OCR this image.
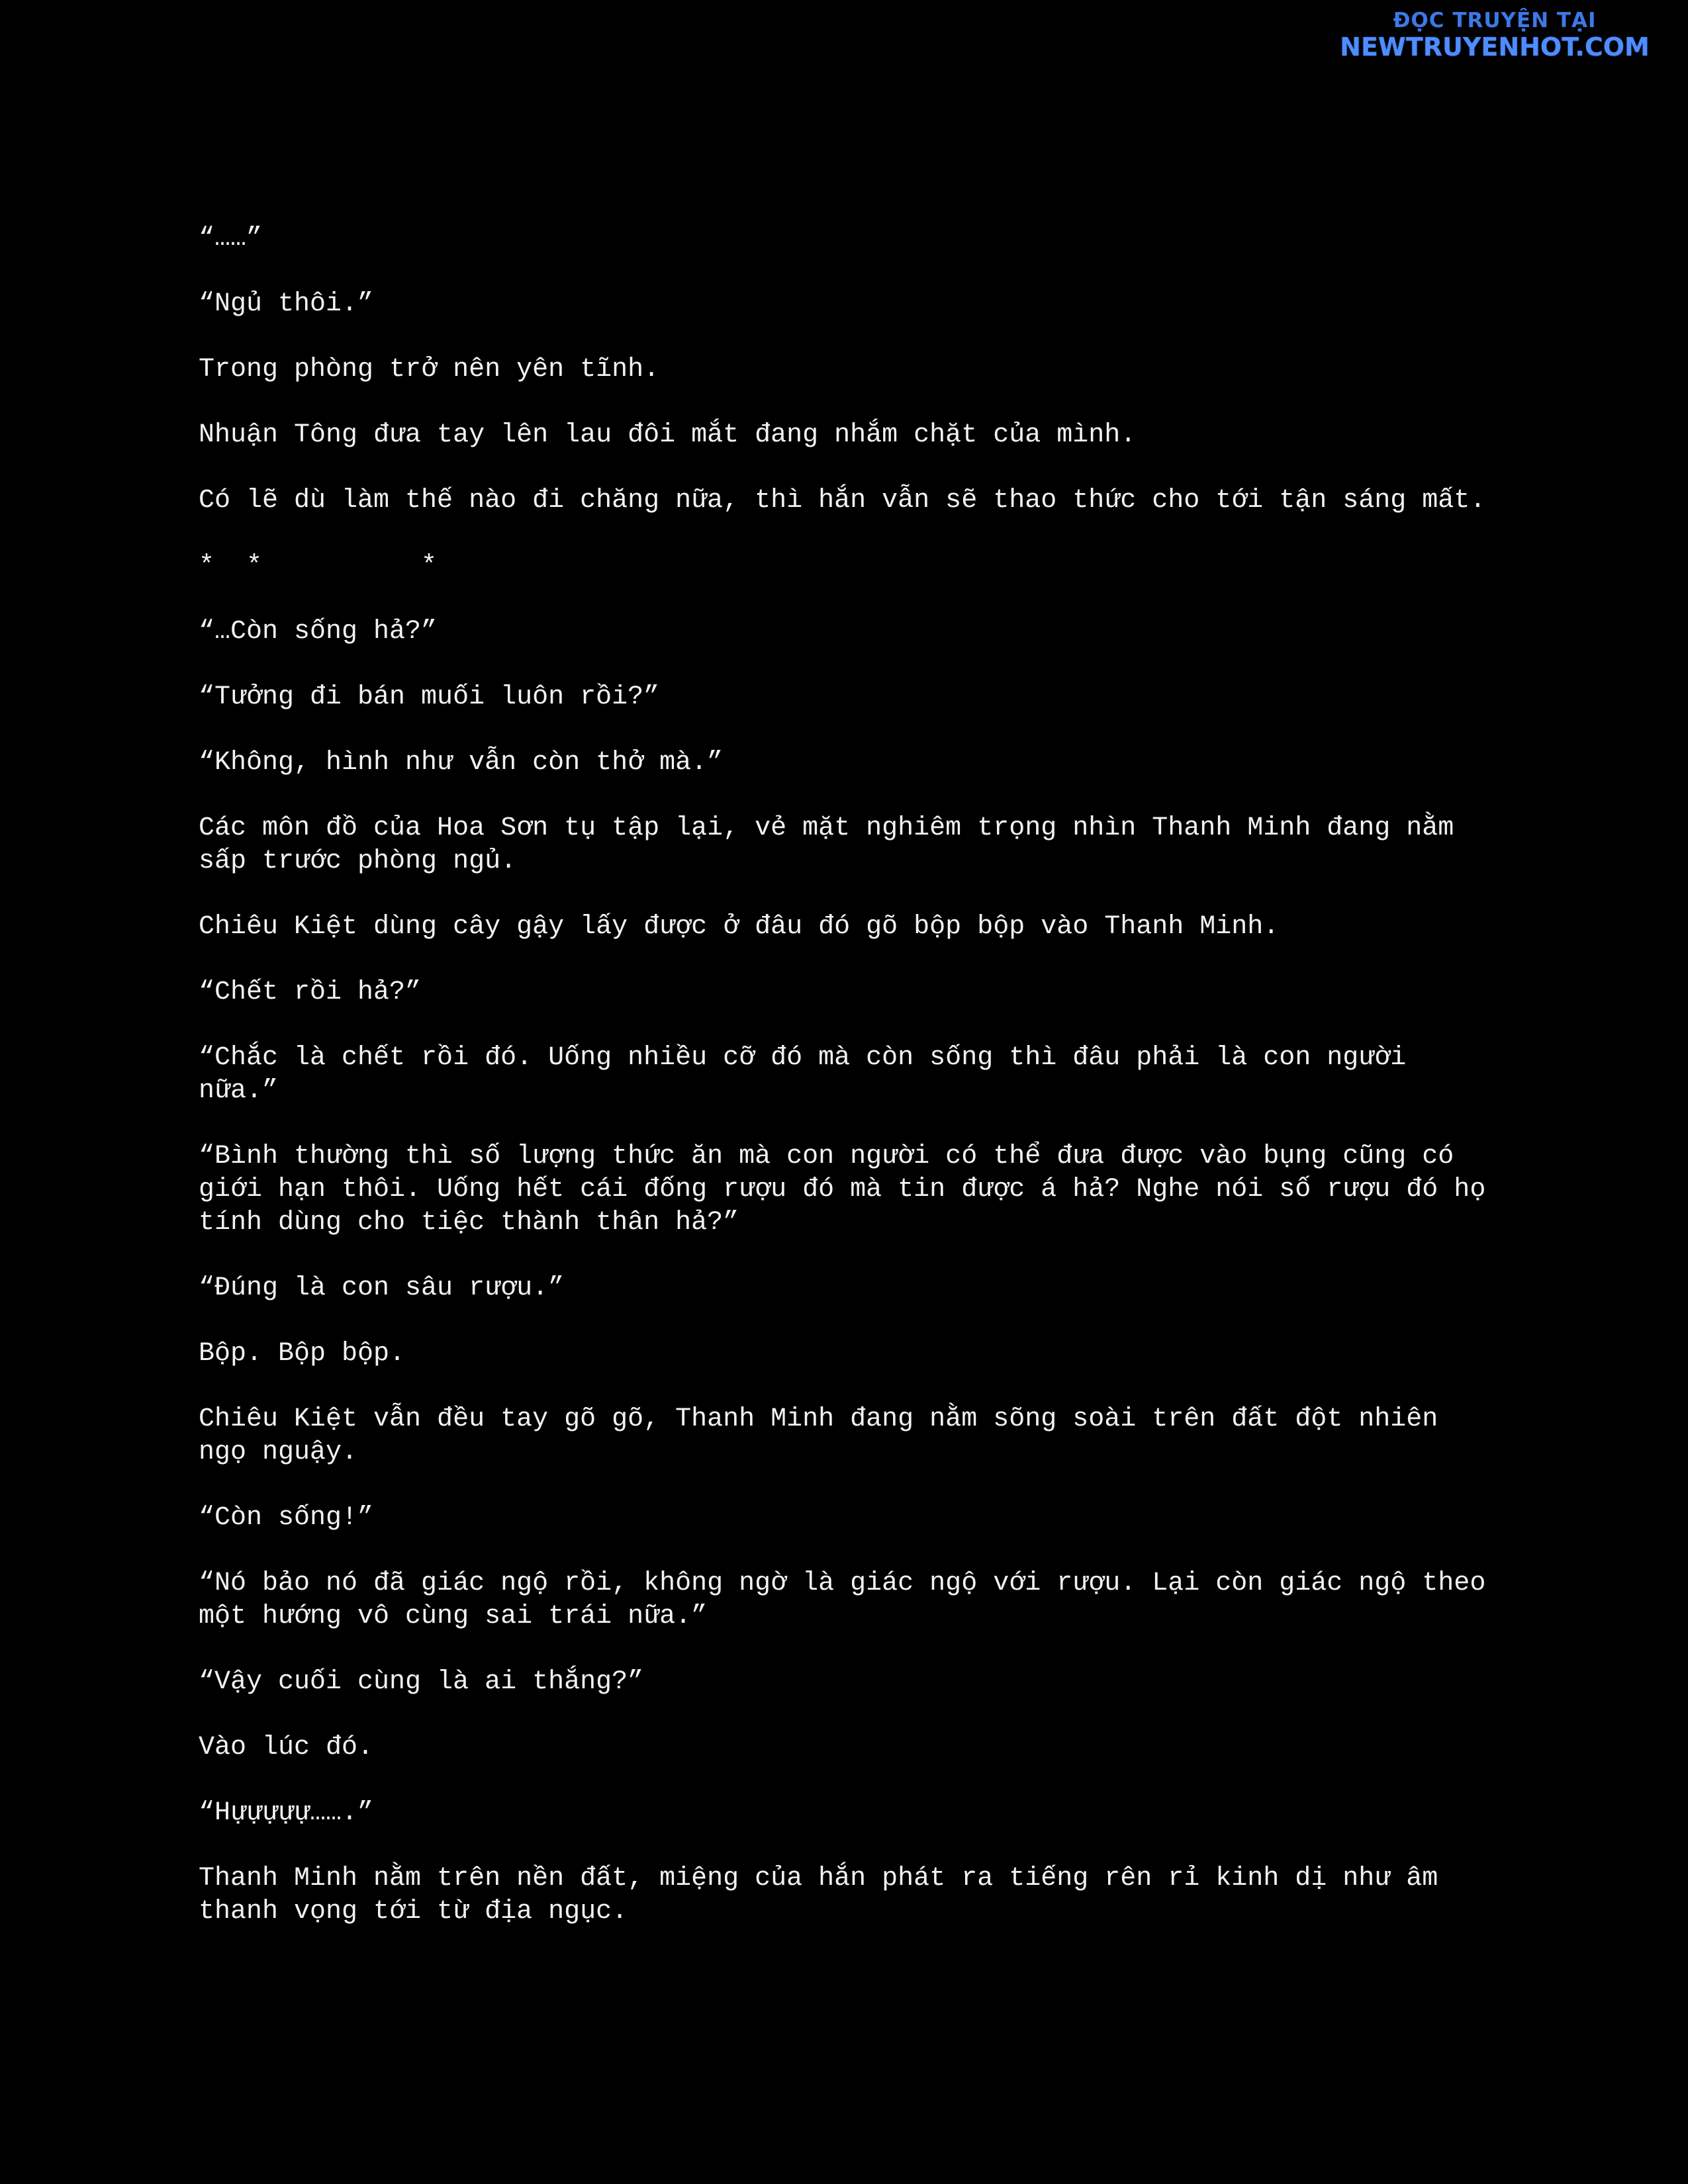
ĐỌC TRUYỆN TẠI
NEWTRUYENHOT.COM

“……”

“Ngủ thôi.”

Trong phòng trở nên yên tĩnh.

Nhuận Tông đưa tay lên lau đôi mắt đang nhắm chặt của mình.

Có lẽ dù làm thế nào đi chăng nữa, thì hắn vẫn sẽ thao thức cho tới tận sáng mất.

*  *          *

“…Còn sống hả?”

“Tưởng đi bán muối luôn rồi?”

“Không, hình như vẫn còn thở mà.”

Các môn đồ của Hoa Sơn tụ tập lại, vẻ mặt nghiêm trọng nhìn Thanh Minh đang nằm sấp trước phòng ngủ.

Chiêu Kiệt dùng cây gậy lấy được ở đâu đó gõ bộp bộp vào Thanh Minh.

“Chết rồi hả?”

“Chắc là chết rồi đó. Uống nhiều cỡ đó mà còn sống thì đâu phải là con người nữa.”

“Bình thường thì số lượng thức ăn mà con người có thể đưa được vào bụng cũng có giới hạn thôi. Uống hết cái đống rượu đó mà tin được á hả? Nghe nói số rượu đó họ tính dùng cho tiệc thành thân hả?”

“Đúng là con sâu rượu.”

Bộp. Bộp bộp.

Chiêu Kiệt vẫn đều tay gõ gõ, Thanh Minh đang nằm sõng soài trên đất đột nhiên ngọ nguậy.

“Còn sống!”

“Nó bảo nó đã giác ngộ rồi, không ngờ là giác ngộ với rượu. Lại còn giác ngộ theo một hướng vô cùng sai trái nữa.”

“Vậy cuối cùng là ai thắng?”

Vào lúc đó.

“Hựựựựự…….”

Thanh Minh nằm trên nền đất, miệng của hắn phát ra tiếng rên rỉ kinh dị như âm thanh vọng tới từ địa ngục.
